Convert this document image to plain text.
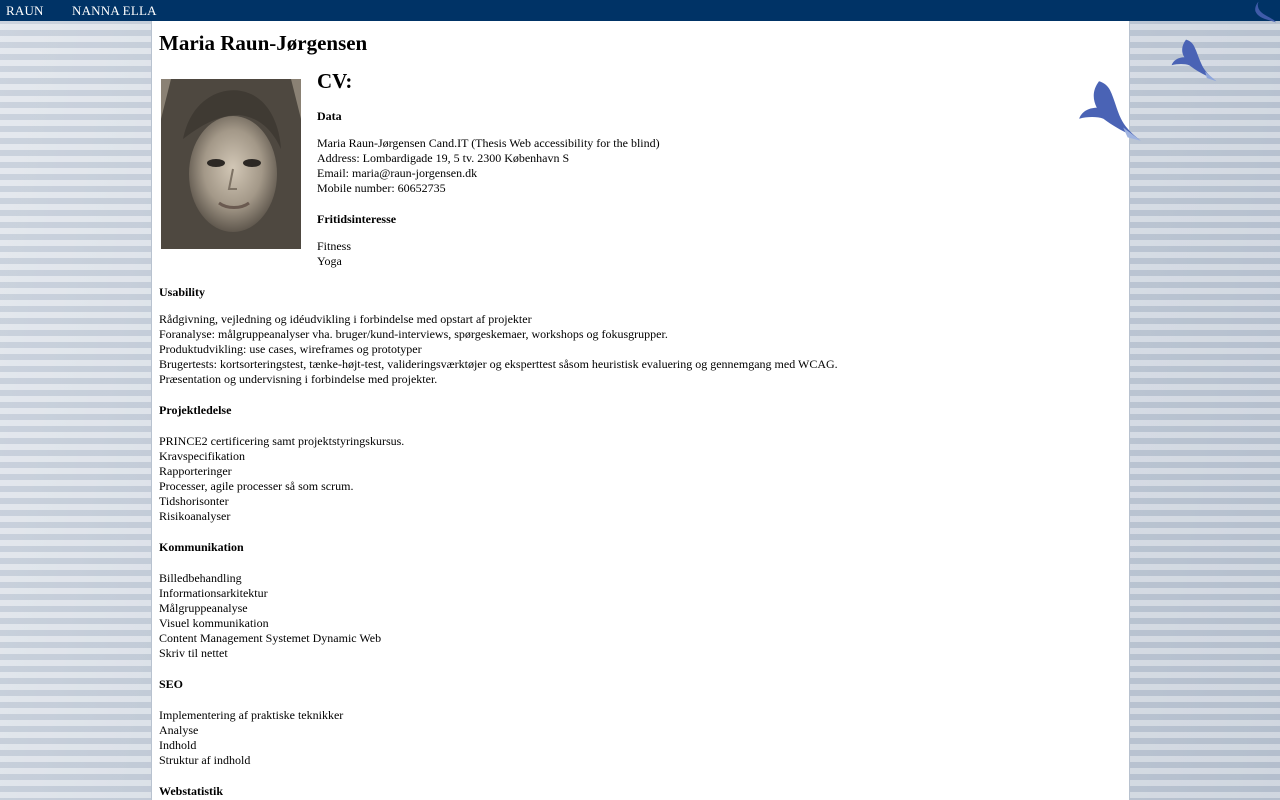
RAUN NANNA ELLA
Maria Raun-Jørgensen
CV:
Data
Maria Raun-Jørgensen Cand.IT (Thesis Web accessibility for the blind)
Address: Lombardigade 19, 5 tv. 2300 København S
Email: maria@raun-jorgensen.dk
Mobile number: 60652735
Fritidsinteresse
Fitness
Yoga
Usability
Rådgivning, vejledning og idéudvikling i forbindelse med opstart af projekter
Foranalyse: målgruppeanalyser vha. bruger/kund-interviews, spørgeskemaer, workshops og fokusgrupper.
Produktudvikling: use cases, wireframes og prototyper
Brugertests: kortsorteringstest, tænke-højt-test, valideringsværktøjer og eksperttest såsom heuristisk evaluering og gennemgang med WCAG.
Præsentation og undervisning i forbindelse med projekter.
Projektledelse
PRINCE2 certificering samt projektstyringskursus.
Kravspecifikation
Rapporteringer
Processer, agile processer så som scrum.
Tidshorisonter
Risikoanalyser
Kommunikation
Billedbehandling
Informationsarkitektur
Målgruppeanalyse
Visuel kommunikation
Content Management Systemet Dynamic Web
Skriv til nettet
SEO
Implementering af praktiske teknikker
Analyse
Indhold
Struktur af indhold
Webstatistik
